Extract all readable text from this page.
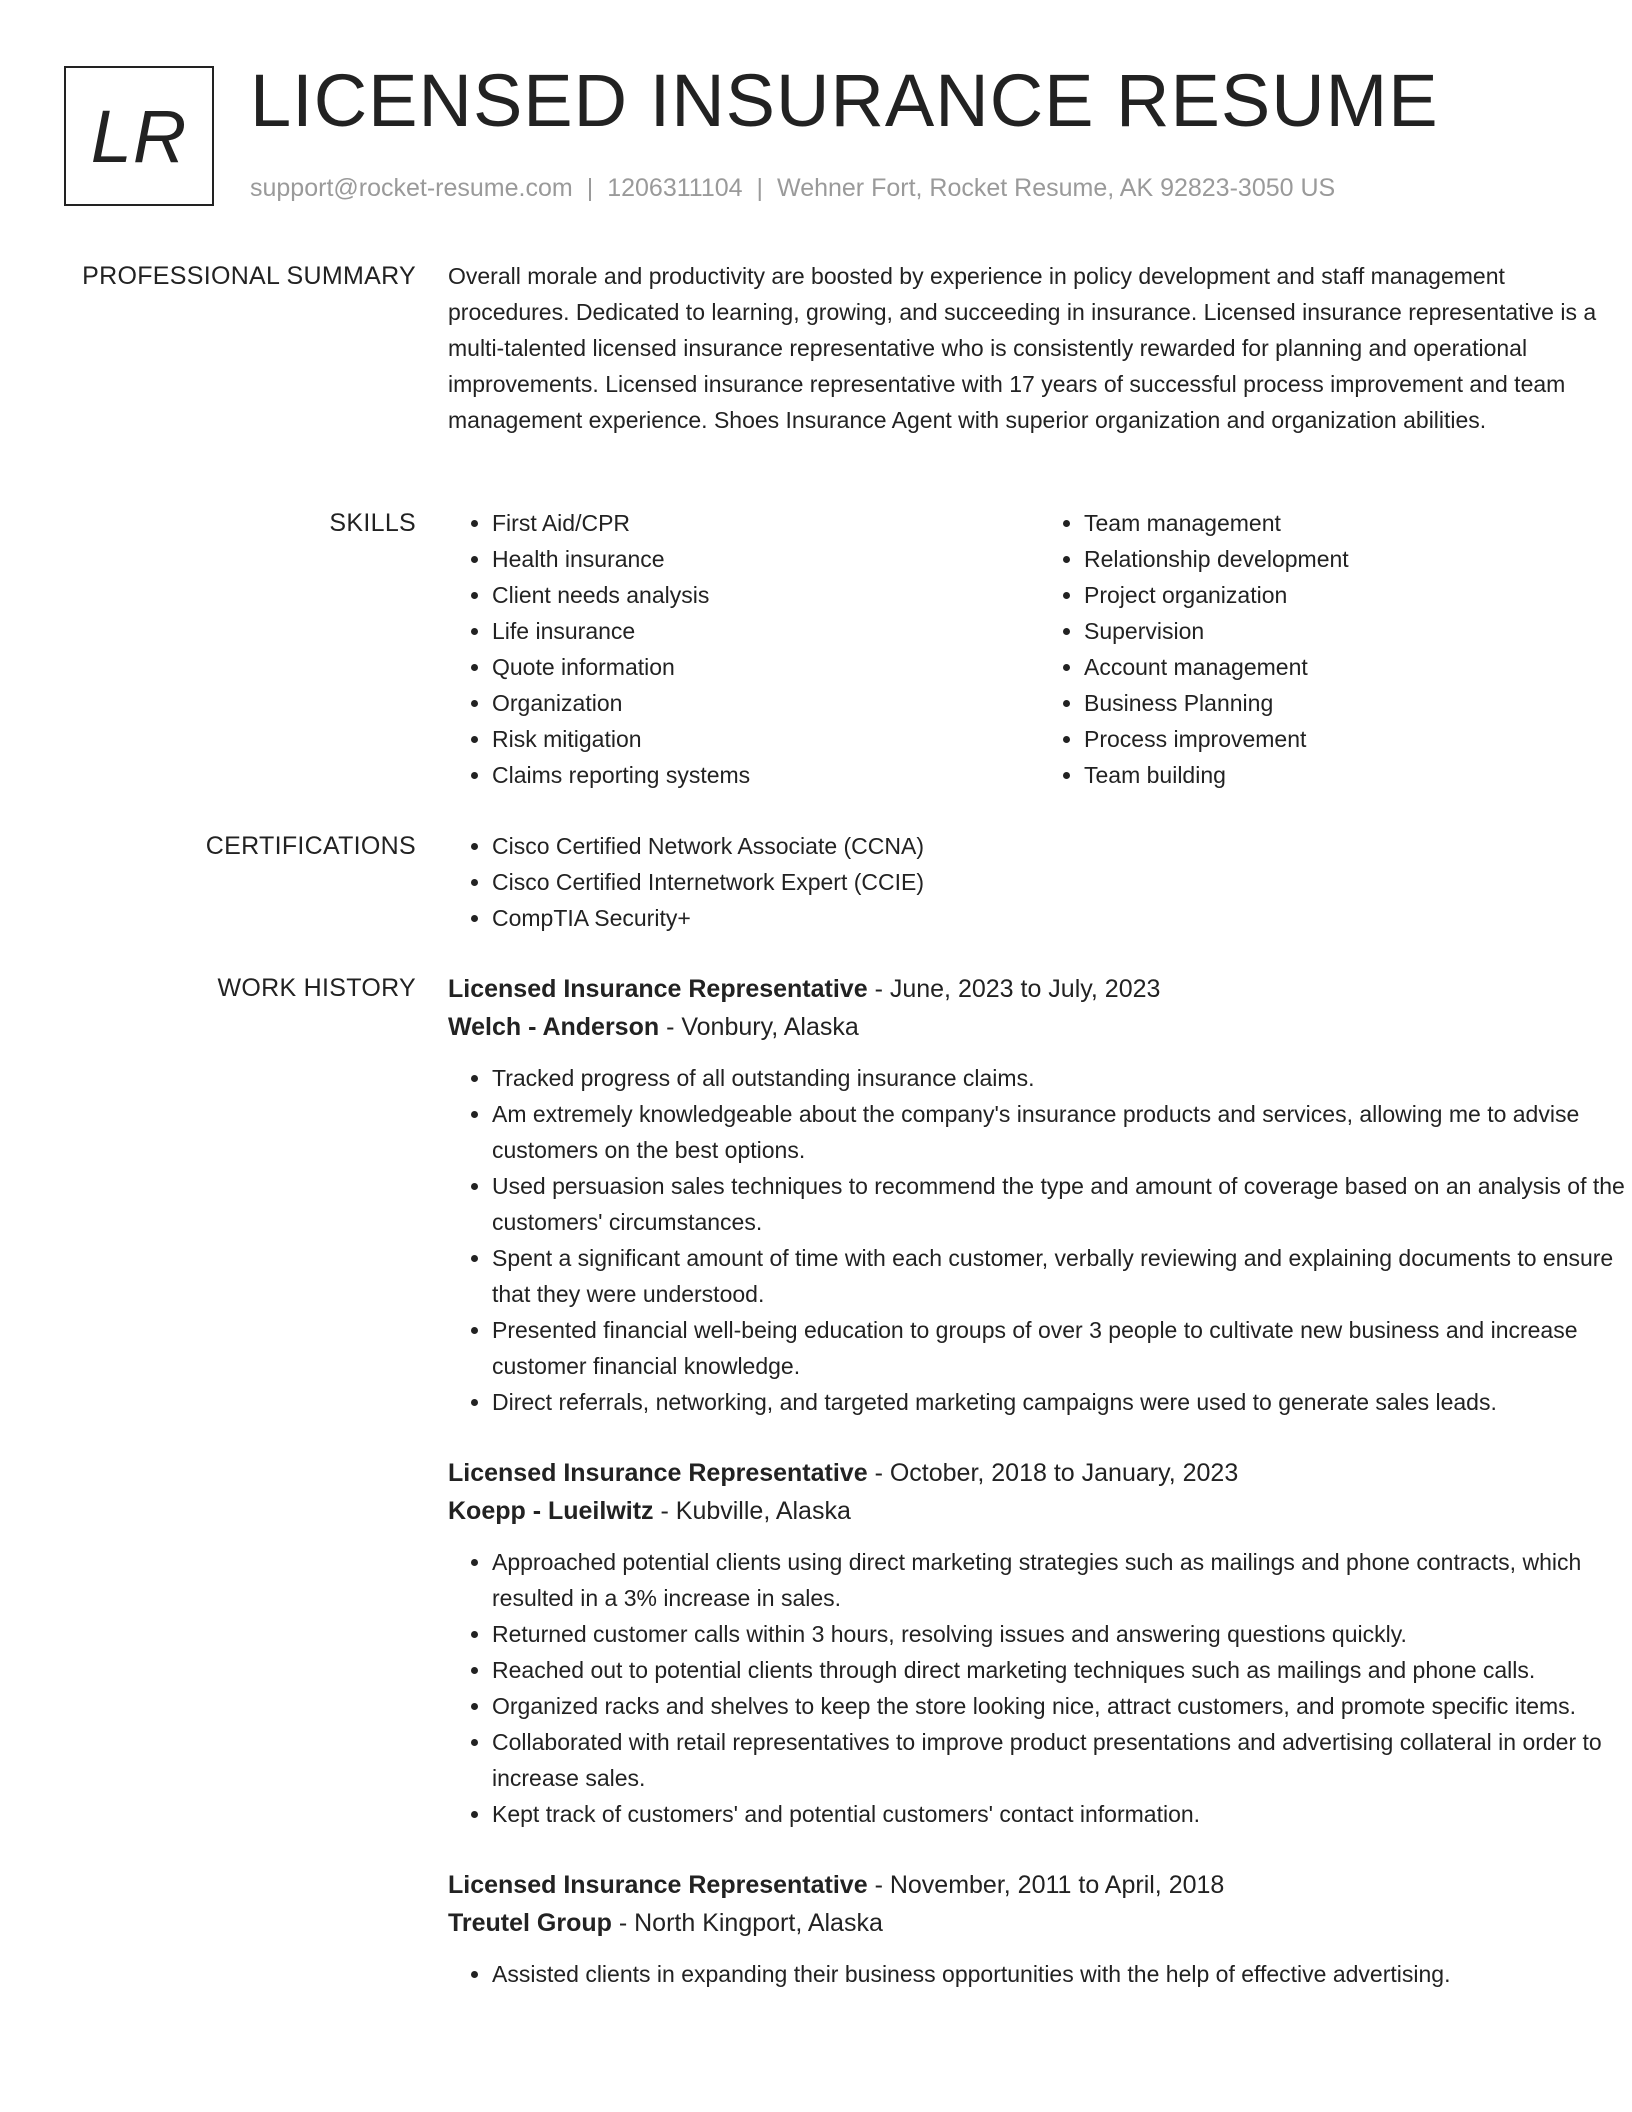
LR LICENSED INSURANCE RESUME
support@rocket-resume.com | 1206311104 | Wehner Fort, Rocket Resume, AK 92823-3050 US
PROFESSIONAL SUMMARY Overall morale and productivity are boosted by experience in policy development and staff management procedures. Dedicated to learning, growing, and succeeding in insurance. Licensed insurance representative is a multi-talented licensed insurance representative who is consistently rewarded for planning and operational improvements. Licensed insurance representative with 17 years of successful process improvement and team management experience. Shoes Insurance Agent with superior organization and organization abilities.
SKILLS	• First Aid/CPR
• Health insurance
• Client needs analysis
• Life insurance
• Quote information
• Organization
• Risk mitigation
• Claims reporting systems
• Team management
• Relationship development
• Project organization
• Supervision
• Account management
• Business Planning
• Process improvement
• Team building
CERTIFICATIONS	• Cisco Certified Network Associate (CCNA)
• Cisco Certified Internetwork Expert (CCIE)
• CompTIA Security+
WORK HISTORY Licensed Insurance Representative - June, 2023 to July, 2023
Welch - Anderson - Vonbury, Alaska
• Tracked progress of all outstanding insurance claims.
• Am extremely knowledgeable about the company's insurance products and services, allowing me to advise customers on the best options.
• Used persuasion sales techniques to recommend the type and amount of coverage based on an analysis of the customers' circumstances.
• Spent a significant amount of time with each customer, verbally reviewing and explaining documents to ensure that they were understood.
• Presented financial well-being education to groups of over 3 people to cultivate new business and increase customer financial knowledge.
• Direct referrals, networking, and targeted marketing campaigns were used to generate sales leads.
Licensed Insurance Representative - October, 2018 to January, 2023
Koepp - Lueilwitz - Kubville, Alaska
• Approached potential clients using direct marketing strategies such as mailings and phone contracts, which resulted in a 3% increase in sales.
• Returned customer calls within 3 hours, resolving issues and answering questions quickly.
• Reached out to potential clients through direct marketing techniques such as mailings and phone calls.
• Organized racks and shelves to keep the store looking nice, attract customers, and promote specific items.
• Collaborated with retail representatives to improve product presentations and advertising collateral in order to increase sales.
• Kept track of customers' and potential customers' contact information.
Licensed Insurance Representative - November, 2011 to April, 2018
Treutel Group - North Kingport, Alaska
• Assisted clients in expanding their business opportunities with the help of effective advertising.
